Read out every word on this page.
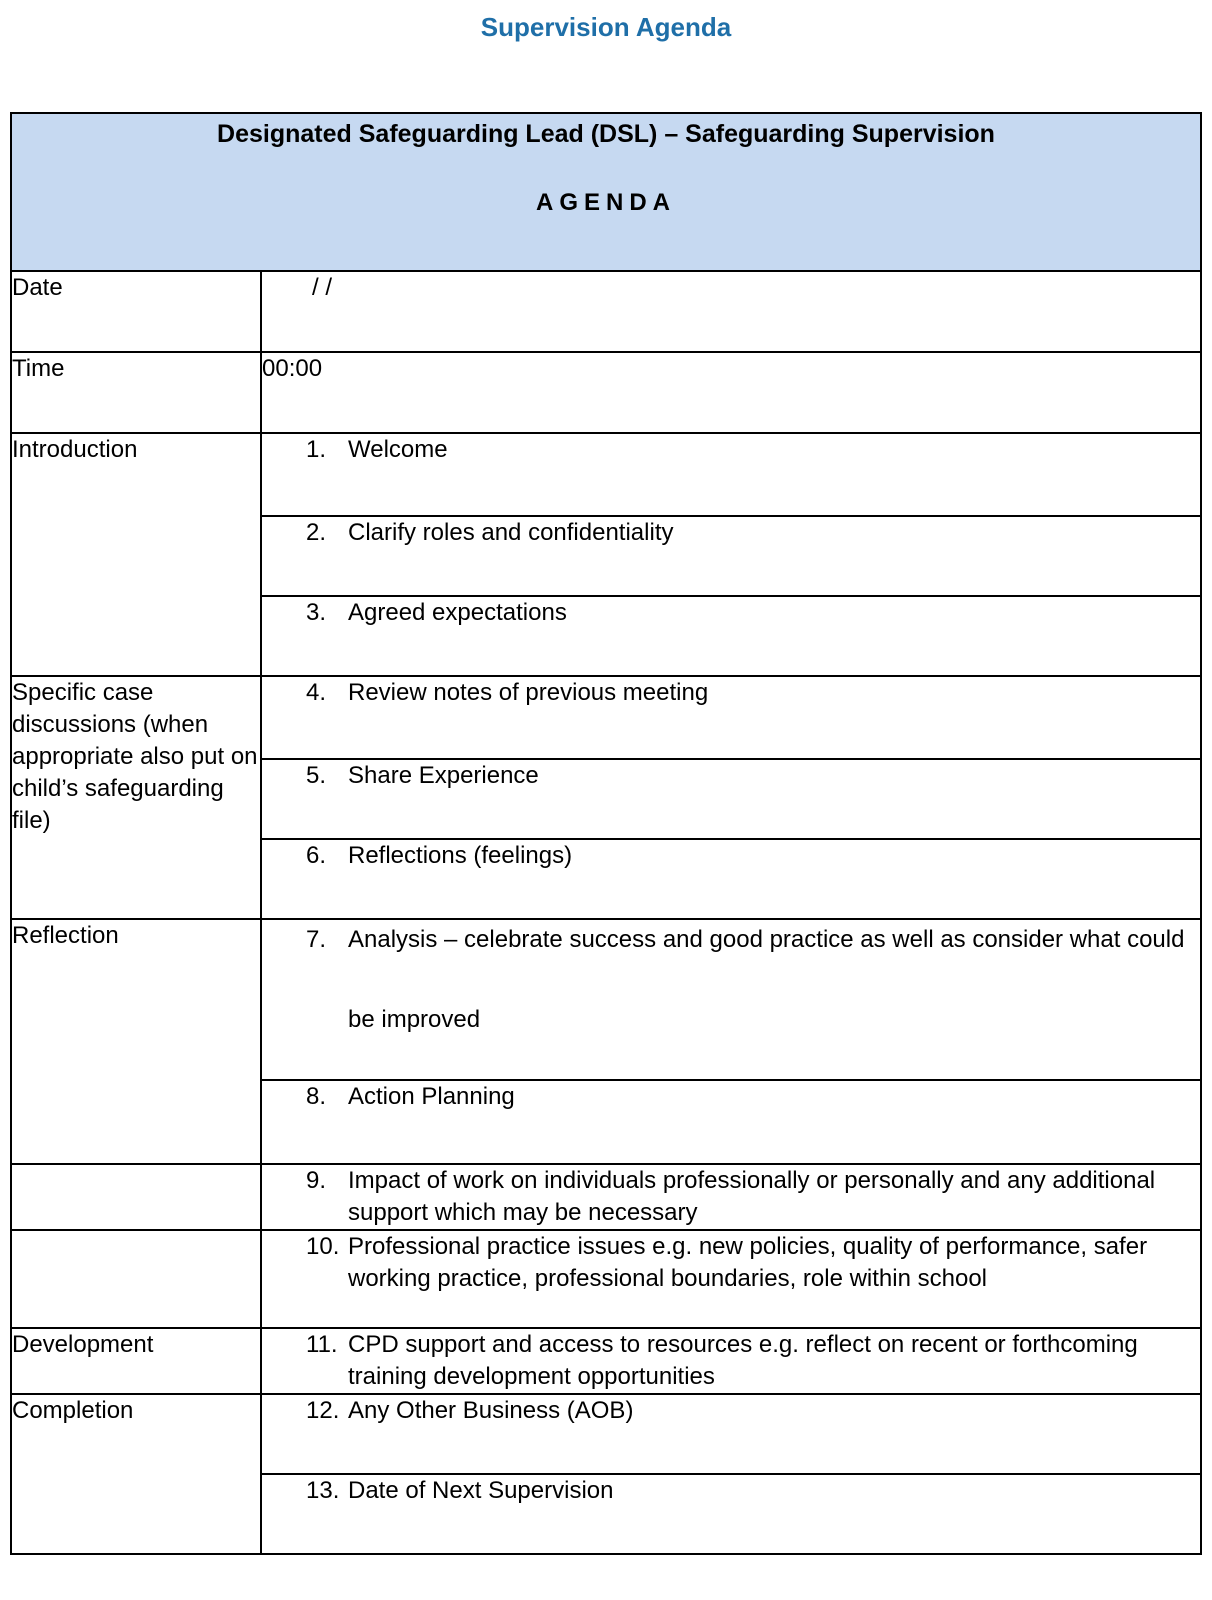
Supervision Agenda
Designated Safeguarding Lead (DSL) – Safeguarding Supervision
AGENDA	

Date	/ /
Time	00:00
Introduction	1. Welcome

	2. Clarify roles and confidentiality

	3. Agreed expectations

Specific case discussions (when appropriate also put on child’s safeguarding file)	4. Review notes of previous meeting

	5. Share Experience

	6. Reflections (feelings)

Reflection	7. Analysis – celebrate success and good practice as well as consider what could be improved

	8. Action Planning

	9. Impact of work on individuals professionally or personally and any additional support which may be necessary

	10. Professional practice issues e.g. new policies, quality of performance, safer working practice, professional boundaries, role within school

Development	11. CPD support and access to resources e.g. reflect on recent or forthcoming training development opportunities

Completion	12. Any Other Business (AOB)

	13. Date of Next Supervision
